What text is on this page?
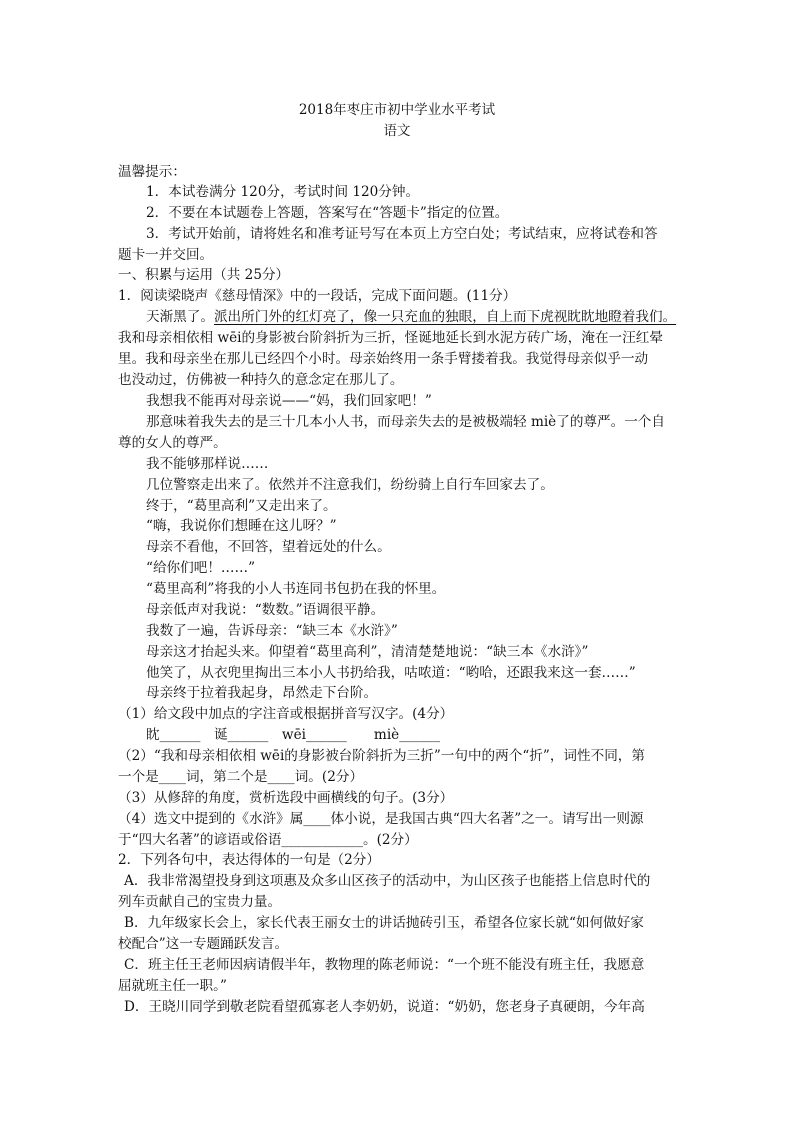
2018年枣庄市初中学业水平考试
语文
温馨提示：
1．本试卷满分 120分，考试时间 120分钟。
2．不要在本试题卷上答题，答案写在“答题卡”指定的位置。
3．考试开始前，请将姓名和准考证号写在本页上方空白处；考试结束，应将试卷和答
题卡一并交回。
一、积累与运用（共 25分）
1．阅读梁晓声《慈母情深》中的一段话，完成下面问题。(11分）
天渐黑了。派出所门外的红灯亮了，像一只充血的独眼，自上而下虎视眈眈地瞪着我们。
我和母亲相依相 wēi的身影被台阶斜折为三折，怪诞地延长到水泥方砖广场，淹在一汪红晕
里。我和母亲坐在那儿已经四个小时。母亲始终用一条手臂搂着我。我觉得母亲似乎一动
也没动过，仿佛被一种持久的意念定在那儿了。
我想我不能再对母亲说——“妈，我们回家吧！”
那意味着我失去的是三十几本小人书，而母亲失去的是被极端轻 miè了的尊严。一个自
尊的女人的尊严。
我不能够那样说……
几位警察走出来了。依然并不注意我们，纷纷骑上自行车回家去了。
终于，“葛里高利”又走出来了。
“嗨，我说你们想睡在这儿呀？”
母亲不看他，不回答，望着远处的什么。
“给你们吧！……”
“葛里高利”将我的小人书连同书包扔在我的怀里。
母亲低声对我说：“数数。”语调很平静。
我数了一遍，告诉母亲：“缺三本《水浒》”
母亲这才抬起头来。仰望着“葛里高利”，清清楚楚地说：“缺三本《水浒》”
他笑了，从衣兜里掏出三本小人书扔给我，咕哝道：“哟哈，还跟我来这一套……”
母亲终于拉着我起身，昂然走下台阶。
（1）给文段中加点的字注音或根据拼音写汉字。(4分）
眈______　诞______　wēi______　　miè______
（2）“我和母亲相依相 wēi的身影被台阶斜折为三折”一句中的两个“折”，词性不同，第
一个是____词，第二个是____词。(2分）
（3）从修辞的角度，赏析选段中画横线的句子。(3分）
（4）选文中提到的《水浒》属____体小说，是我国古典“四大名著”之一。请写出一则源
于“四大名著”的谚语或俗语____________。(2分）
2．下列各句中，表达得体的一句是（2分）
A．我非常渴望投身到这项惠及众多山区孩子的活动中，为山区孩子也能搭上信息时代的
列车贡献自己的宝贵力量。
B．九年级家长会上，家长代表王丽女士的讲话抛砖引玉，希望各位家长就“如何做好家
校配合”这一专题踊跃发言。
C．班主任王老师因病请假半年，教物理的陈老师说：“一个班不能没有班主任，我愿意
屈就班主任一职。”
D．王晓川同学到敬老院看望孤寡老人李奶奶，说道：“奶奶，您老身子真硬朗，今年高
